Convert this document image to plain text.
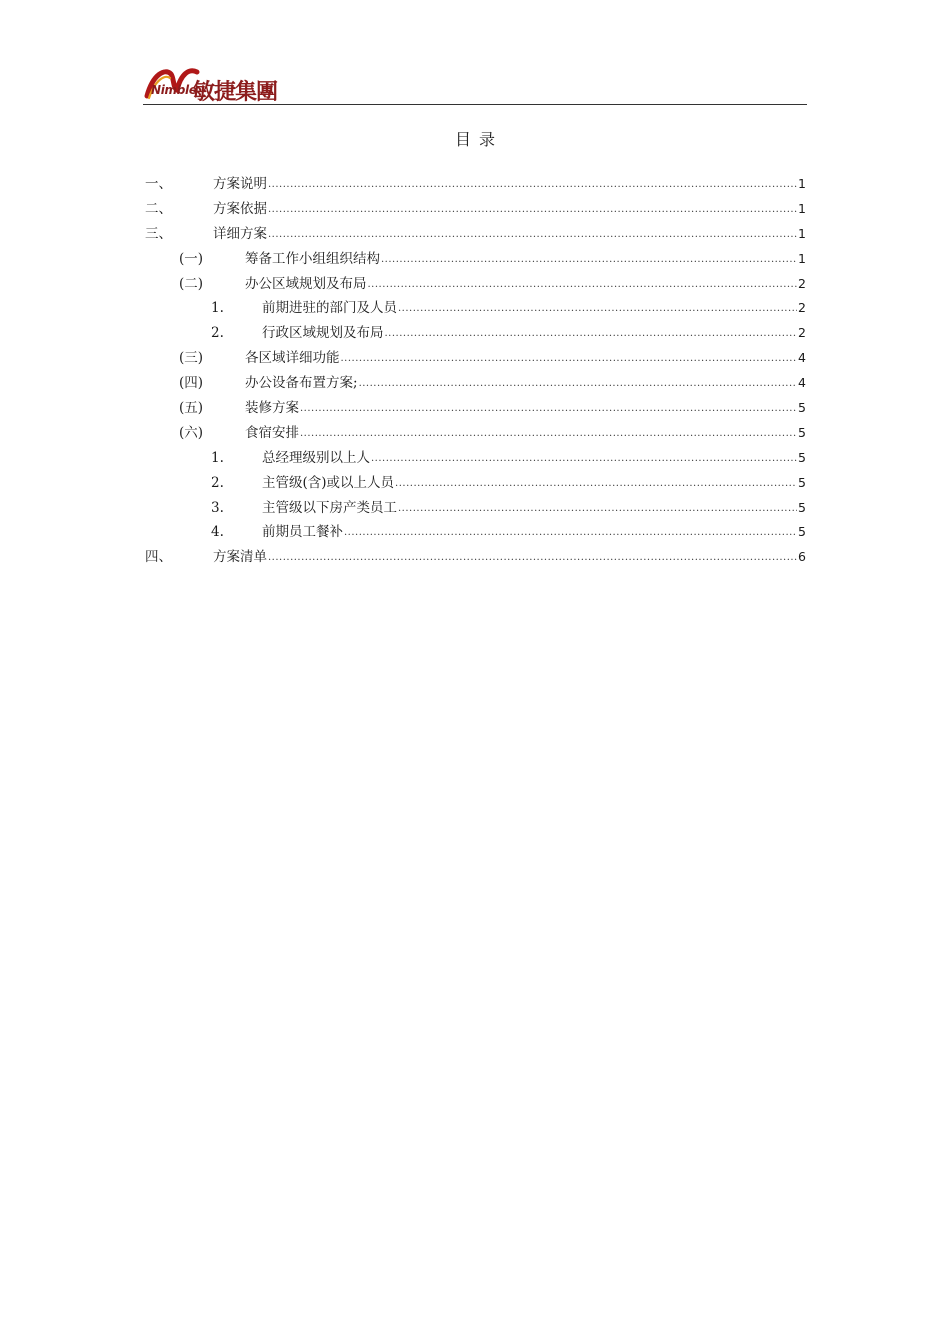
Nimble
敏捷集團
目录
一、	方案说明 .....	1
二、	方案依据 .....	1
三、	详细方案 .....	1
(一)	筹备工作小组组织结构 .....	1
(二)	办公区域规划及布局 .....	2
1.	前期进驻的部门及人员 .....	2
2.	行政区域规划及布局 .....	2
(三)	各区域详细功能 .....	4
(四)	办公设备布置方案; .....	4
(五)	装修方案 .....	5
(六)	食宿安排 .....	5
1.	总经理级别以上人 .....	5
2.	主管级(含)或以上人员 .....	5
3.	主管级以下房产类员工 .....	5
4.	前期员工餐补 .....	5
四、	方案清单 .....	6
